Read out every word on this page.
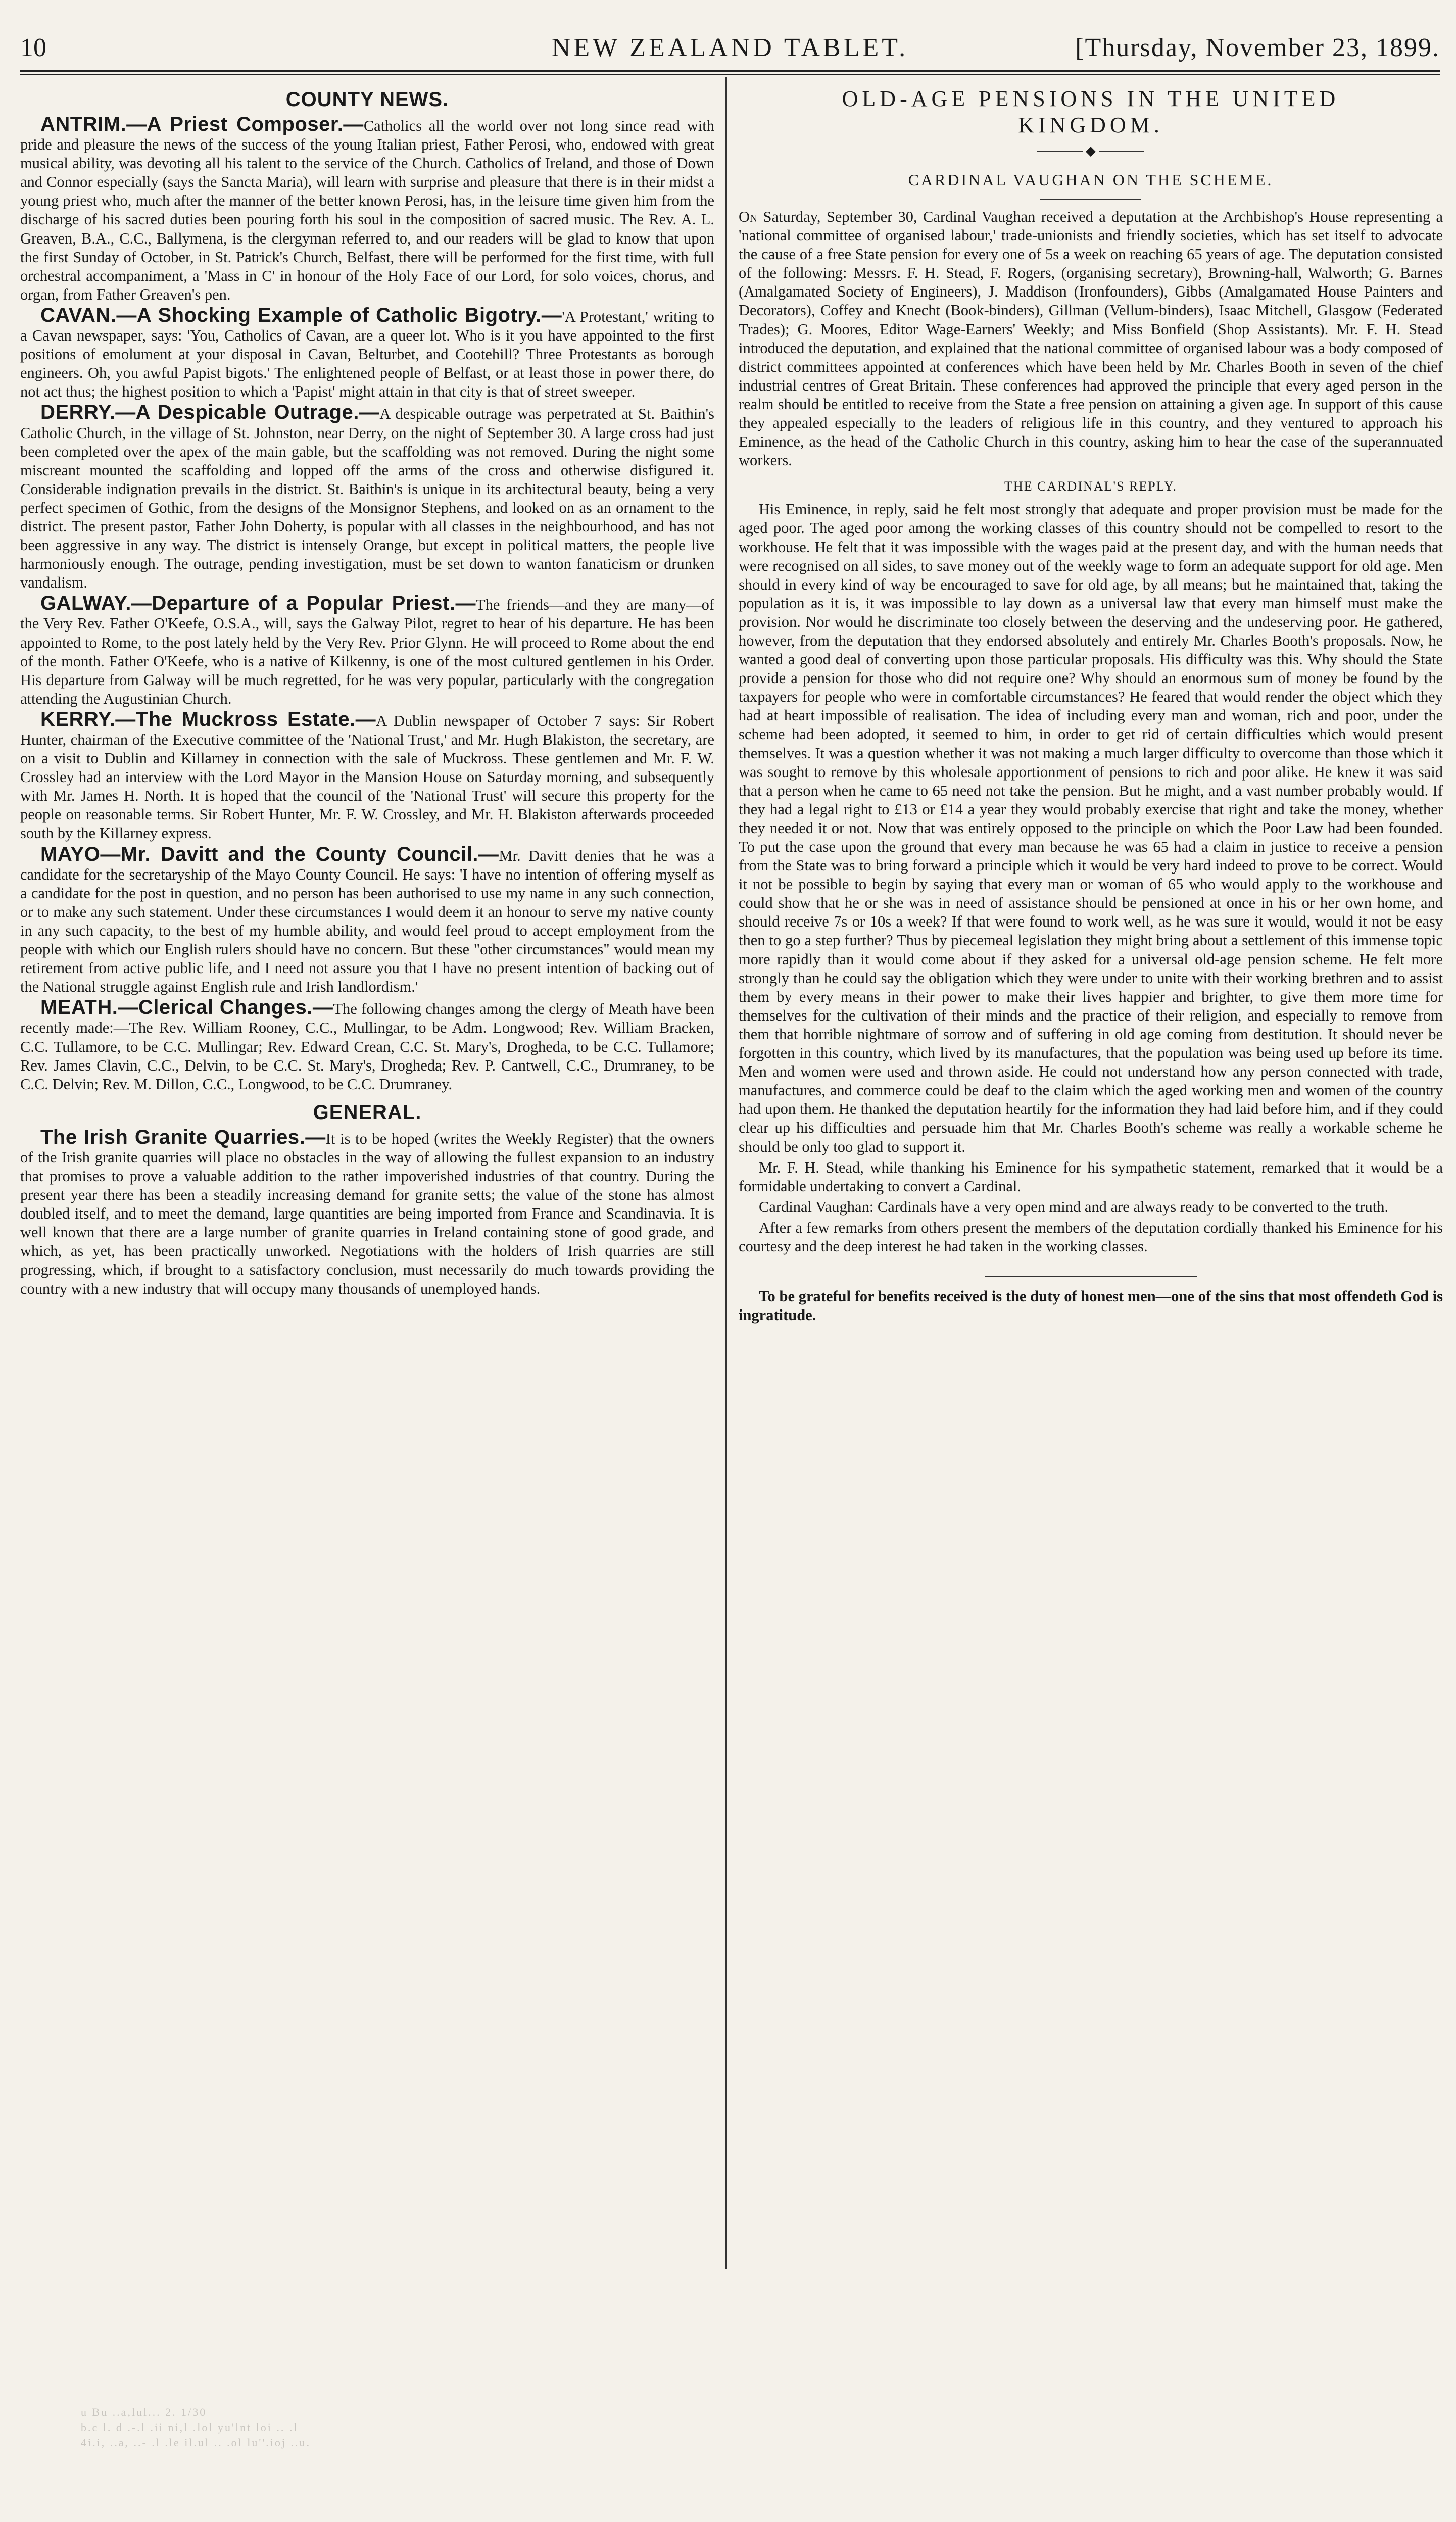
10	NEW ZEALAND TABLET.	[Thursday, November 23, 1899.
COUNTY NEWS.

ANTRIM.—A Priest Composer.—Catholics all the world over not long since read with pride and pleasure the news of the success of the young Italian priest, Father Perosi, who, endowed with great musical ability, was devoting all his talent to the service of the Church. Catholics of Ireland, and those of Down and Connor especially (says the Sancta Maria), will learn with surprise and pleasure that there is in their midst a young priest who, much after the manner of the better known Perosi, has, in the leisure time given him from the discharge of his sacred duties been pouring forth his soul in the composition of sacred music. The Rev. A. L. Greaven, B.A., C.C., Ballymena, is the clergyman referred to, and our readers will be glad to know that upon the first Sunday of October, in St. Patrick's Church, Belfast, there will be performed for the first time, with full orchestral accompaniment, a 'Mass in C' in honour of the Holy Face of our Lord, for solo voices, chorus, and organ, from Father Greaven's pen.

CAVAN.—A Shocking Example of Catholic Bigotry.—'A Protestant,' writing to a Cavan newspaper, says: 'You, Catholics of Cavan, are a queer lot. Who is it you have appointed to the first positions of emolument at your disposal in Cavan, Belturbet, and Cootehill? Three Protestants as borough engineers. Oh, you awful Papist bigots.' The enlightened people of Belfast, or at least those in power there, do not act thus; the highest position to which a 'Papist' might attain in that city is that of street sweeper.

DERRY.—A Despicable Outrage.—A despicable outrage was perpetrated at St. Baithin's Catholic Church, in the village of St. Johnston, near Derry, on the night of September 30. A large cross had just been completed over the apex of the main gable, but the scaffolding was not removed. During the night some miscreant mounted the scaffolding and lopped off the arms of the cross and otherwise disfigured it. Considerable indignation prevails in the district. St. Baithin's is unique in its architectural beauty, being a very perfect specimen of Gothic, from the designs of the Monsignor Stephens, and looked on as an ornament to the district. The present pastor, Father John Doherty, is popular with all classes in the neighbourhood, and has not been aggressive in any way. The district is intensely Orange, but except in political matters, the people live harmoniously enough. The outrage, pending investigation, must be set down to wanton fanaticism or drunken vandalism.

GALWAY.—Departure of a Popular Priest.—The friends—and they are many—of the Very Rev. Father O'Keefe, O.S.A., will, says the Galway Pilot, regret to hear of his departure. He has been appointed to Rome, to the post lately held by the Very Rev. Prior Glynn. He will proceed to Rome about the end of the month. Father O'Keefe, who is a native of Kilkenny, is one of the most cultured gentlemen in his Order. His departure from Galway will be much regretted, for he was very popular, particularly with the congregation attending the Augustinian Church.

KERRY.—The Muckross Estate.—A Dublin newspaper of October 7 says: Sir Robert Hunter, chairman of the Executive committee of the 'National Trust,' and Mr. Hugh Blakiston, the secretary, are on a visit to Dublin and Killarney in connection with the sale of Muckross. These gentlemen and Mr. F. W. Crossley had an interview with the Lord Mayor in the Mansion House on Saturday morning, and subsequently with Mr. James H. North. It is hoped that the council of the 'National Trust' will secure this property for the people on reasonable terms. Sir Robert Hunter, Mr. F. W. Crossley, and Mr. H. Blakiston afterwards proceeded south by the Killarney express.

MAYO—Mr. Davitt and the County Council.—Mr. Davitt denies that he was a candidate for the secretaryship of the Mayo County Council. He says: 'I have no intention of offering myself as a candidate for the post in question, and no person has been authorised to use my name in any such connection, or to make any such statement. Under these circumstances I would deem it an honour to serve my native county in any such capacity, to the best of my humble ability, and would feel proud to accept employment from the people with which our English rulers should have no concern. But these "other circumstances" would mean my retirement from active public life, and I need not assure you that I have no present intention of backing out of the National struggle against English rule and Irish landlordism.'

MEATH.—Clerical Changes.—The following changes among the clergy of Meath have been recently made:—The Rev. William Rooney, C.C., Mullingar, to be Adm. Longwood; Rev. William Bracken, C.C. Tullamore, to be C.C. Mullingar; Rev. Edward Crean, C.C. St. Mary's, Drogheda, to be C.C. Tullamore; Rev. James Clavin, C.C., Delvin, to be C.C. St. Mary's, Drogheda; Rev. P. Cantwell, C.C., Drumraney, to be C.C. Delvin; Rev. M. Dillon, C.C., Longwood, to be C.C. Drumraney.

GENERAL.

The Irish Granite Quarries.—It is to be hoped (writes the Weekly Register) that the owners of the Irish granite quarries will place no obstacles in the way of allowing the fullest expansion to an industry that promises to prove a valuable addition to the rather impoverished industries of that country. During the present year there has been a steadily increasing demand for granite setts; the value of the stone has almost doubled itself, and to meet the demand, large quantities are being imported from France and Scandinavia. It is well known that there are a large number of granite quarries in Ireland containing stone of good grade, and which, as yet, has been practically unworked. Negotiations with the holders of Irish quarries are still progressing, which, if brought to a satisfactory conclusion, must necessarily do much towards providing the country with a new industry that will occupy many thousands of unemployed hands.

OLD-AGE PENSIONS IN THE UNITED
KINGDOM.
◆
CARDINAL VAUGHAN ON THE SCHEME.

On Saturday, September 30, Cardinal Vaughan received a deputation at the Archbishop's House representing a 'national committee of organised labour,' trade-unionists and friendly societies, which has set itself to advocate the cause of a free State pension for every one of 5s a week on reaching 65 years of age. The deputation consisted of the following: Messrs. F. H. Stead, F. Rogers, (organising secretary), Browning-hall, Walworth; G. Barnes (Amalgamated Society of Engineers), J. Maddison (Ironfounders), Gibbs (Amalgamated House Painters and Decorators), Coffey and Knecht (Book-binders), Gillman (Vellum-binders), Isaac Mitchell, Glasgow (Federated Trades); G. Moores, Editor Wage-Earners' Weekly; and Miss Bonfield (Shop Assistants). Mr. F. H. Stead introduced the deputation, and explained that the national committee of organised labour was a body composed of district committees appointed at conferences which have been held by Mr. Charles Booth in seven of the chief industrial centres of Great Britain. These conferences had approved the principle that every aged person in the realm should be entitled to receive from the State a free pension on attaining a given age. In support of this cause they appealed especially to the leaders of religious life in this country, and they ventured to approach his Eminence, as the head of the Catholic Church in this country, asking him to hear the case of the superannuated workers.

THE CARDINAL'S REPLY.

His Eminence, in reply, said he felt most strongly that adequate and proper provision must be made for the aged poor. The aged poor among the working classes of this country should not be compelled to resort to the workhouse. He felt that it was impossible with the wages paid at the present day, and with the human needs that were recognised on all sides, to save money out of the weekly wage to form an adequate support for old age. Men should in every kind of way be encouraged to save for old age, by all means; but he maintained that, taking the population as it is, it was impossible to lay down as a universal law that every man himself must make the provision. Nor would he discriminate too closely between the deserving and the undeserving poor. He gathered, however, from the deputation that they endorsed absolutely and entirely Mr. Charles Booth's proposals. Now, he wanted a good deal of converting upon those particular proposals. His difficulty was this. Why should the State provide a pension for those who did not require one? Why should an enormous sum of money be found by the taxpayers for people who were in comfortable circumstances? He feared that would render the object which they had at heart impossible of realisation. The idea of including every man and woman, rich and poor, under the scheme had been adopted, it seemed to him, in order to get rid of certain difficulties which would present themselves. It was a question whether it was not making a much larger difficulty to overcome than those which it was sought to remove by this wholesale apportionment of pensions to rich and poor alike. He knew it was said that a person when he came to 65 need not take the pension. But he might, and a vast number probably would. If they had a legal right to £13 or £14 a year they would probably exercise that right and take the money, whether they needed it or not. Now that was entirely opposed to the principle on which the Poor Law had been founded. To put the case upon the ground that every man because he was 65 had a claim in justice to receive a pension from the State was to bring forward a principle which it would be very hard indeed to prove to be correct. Would it not be possible to begin by saying that every man or woman of 65 who would apply to the workhouse and could show that he or she was in need of assistance should be pensioned at once in his or her own home, and should receive 7s or 10s a week? If that were found to work well, as he was sure it would, would it not be easy then to go a step further? Thus by piecemeal legislation they might bring about a settlement of this immense topic more rapidly than it would come about if they asked for a universal old-age pension scheme. He felt more strongly than he could say the obligation which they were under to unite with their working brethren and to assist them by every means in their power to make their lives happier and brighter, to give them more time for themselves for the cultivation of their minds and the practice of their religion, and especially to remove from them that horrible nightmare of sorrow and of suffering in old age coming from destitution. It should never be forgotten in this country, which lived by its manufactures, that the population was being used up before its time. Men and women were used and thrown aside. He could not understand how any person connected with trade, manufactures, and commerce could be deaf to the claim which the aged working men and women of the country had upon them. He thanked the deputation heartily for the information they had laid before him, and if they could clear up his difficulties and persuade him that Mr. Charles Booth's scheme was really a workable scheme he should be only too glad to support it.

Mr. F. H. Stead, while thanking his Eminence for his sympathetic statement, remarked that it would be a formidable undertaking to convert a Cardinal.

Cardinal Vaughan: Cardinals have a very open mind and are always ready to be converted to the truth.

After a few remarks from others present the members of the deputation cordially thanked his Eminence for his courtesy and the deep interest he had taken in the working classes.

To be grateful for benefits received is the duty of honest men—one of the sins that most offendeth God is ingratitude.

u Bu ..a,lul... 2. 1/30
b.c l. d .-.l .ii ni,l .lol yu'lnt loi .. .l
4i.i, ..a, ..- .l .le il.ul .. .ol lu''.ioj ..u.
